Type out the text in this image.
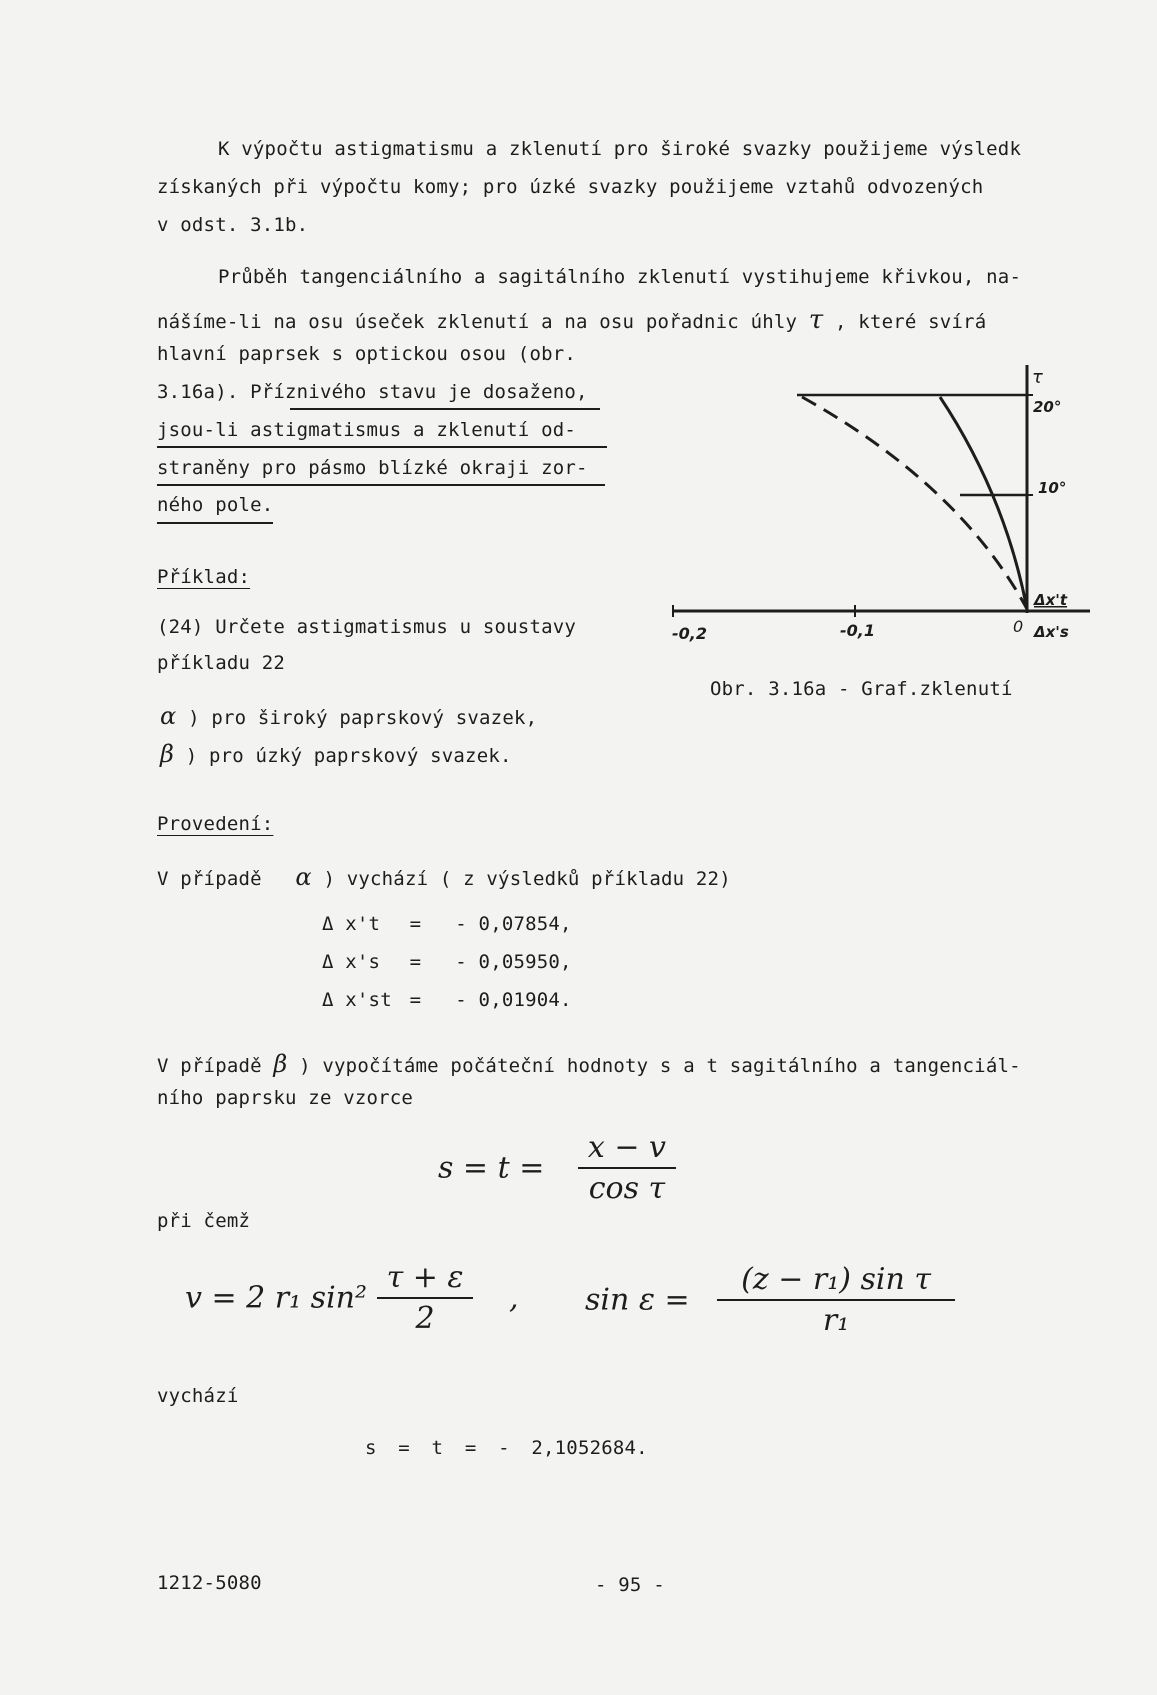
K výpočtu astigmatismu a zklenutí pro široké svazky použijeme výsledk
získaných při výpočtu komy; pro úzké svazky použijeme vztahů odvozených
v odst. 3.1b.
Průběh tangenciálního a sagitálního zklenutí vystihujeme křivkou, na-
nášíme-li na osu úseček zklenutí a na osu pořadnic úhly τ , které svírá
hlavní paprsek s optickou osou (obr.
3.16a). Příznivého stavu je dosaženo,
jsou-li astigmatismus a zklenutí od-
straněny pro pásmo blízké okraji zor-
ného pole.
Příklad:
(24) Určete astigmatismus u soustavy
příkladu 22
α ) pro široký paprskový svazek,
β ) pro úzký paprskový svazek.
τ
20°
10°
-0,2	-0,1	0
Δx't
Δx's
Obr. 3.16a - Graf.zklenutí
Provedení:
V případě α ) vychází ( z výsledků příkladu 22)
Δ x't = - 0,07854,
Δ x's = - 0,05950,
Δ x'st = - 0,01904.
V případě β ) vypočítáme počáteční hodnoty s a t sagitálního a tangenciál-
ního paprsku ze vzorce
$s = t = \frac{x - v}{\text{cos τ}}$
při čemž
v = 2 r₁ $\sin^2 \frac{\tau + \varepsilon}{2}$ , $\sin \varepsilon = \frac{\text{(z − r₁) sin τ}}{\text{r₁}}$
vychází
s = t = - 2,1052684.
1212-5080	- 95 -
